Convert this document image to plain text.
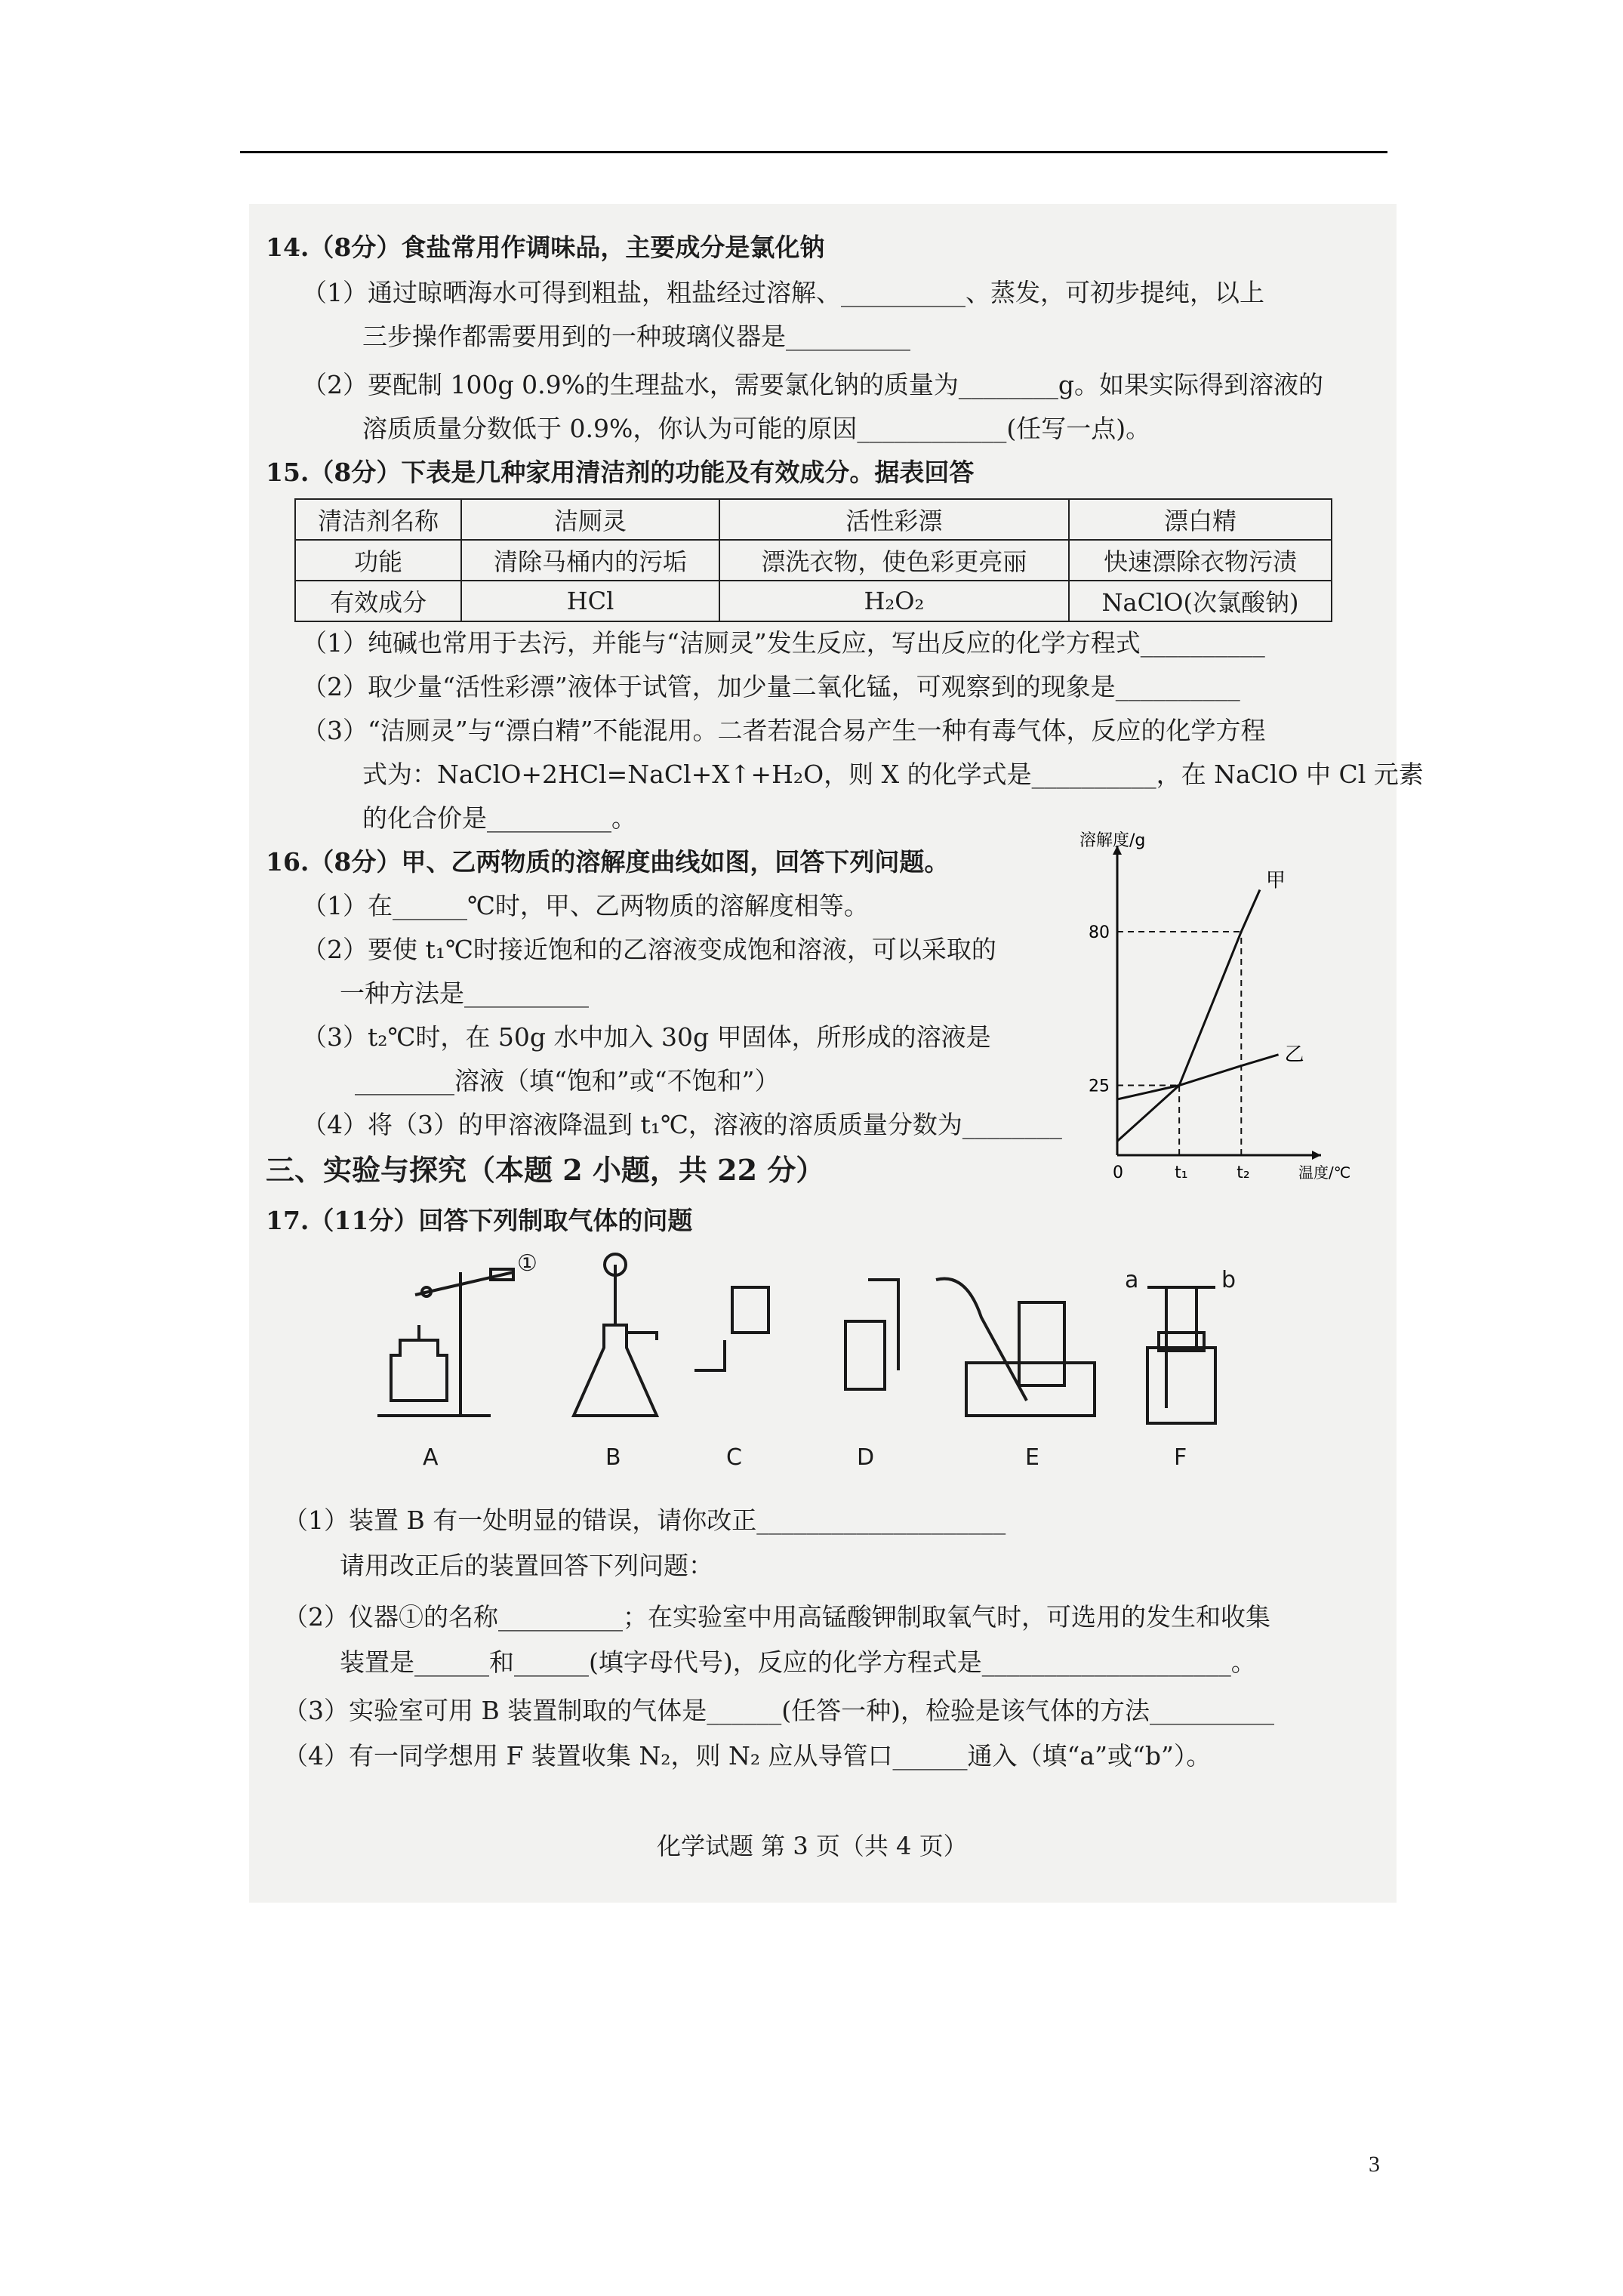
14.（8分）食盐常用作调味品，主要成分是氯化钠
（1）通过晾晒海水可得到粗盐，粗盐经过溶解、__________、蒸发，可初步提纯，以上
三步操作都需要用到的一种玻璃仪器是__________
（2）要配制 100g 0.9%的生理盐水，需要氯化钠的质量为________g。如果实际得到溶液的
溶质质量分数低于 0.9%，你认为可能的原因____________(任写一点)。
15.（8分）下表是几种家用清洁剂的功能及有效成分。据表回答
清洁剂名称	洁厕灵	活性彩漂	漂白精
功能	清除马桶内的污垢	漂洗衣物，使色彩更亮丽	快速漂除衣物污渍
有效成分	HCl	H₂O₂	NaClO(次氯酸钠)
（1）纯碱也常用于去污，并能与“洁厕灵”发生反应，写出反应的化学方程式__________
（2）取少量“活性彩漂”液体于试管，加少量二氧化锰，可观察到的现象是__________
（3）“洁厕灵”与“漂白精”不能混用。二者若混合易产生一种有毒气体，反应的化学方程
式为：NaClO+2HCl=NaCl+X↑+H₂O，则 X 的化学式是__________，在 NaClO 中 Cl 元素
的化合价是__________。
16.（8分）甲、乙两物质的溶解度曲线如图，回答下列问题。
（1）在______℃时，甲、乙两物质的溶解度相等。
（2）要使 t₁℃时接近饱和的乙溶液变成饱和溶液，可以采取的
一种方法是__________
（3）t₂℃时，在 50g 水中加入 30g 甲固体，所形成的溶液是
________溶液（填“饱和”或“不饱和”）
（4）将（3）的甲溶液降温到 t₁℃，溶液的溶质质量分数为________
溶解度/g
温度/℃
0	t₁	t₂
25
80
甲
乙
三、实验与探究（本题 2 小题，共 22 分）
17.（11分）回答下列制取气体的问题
A	B	C	D	E	F
①
a	b
（1）装置 B 有一处明显的错误，请你改正____________________
请用改正后的装置回答下列问题：
（2）仪器①的名称__________；在实验室中用高锰酸钾制取氧气时，可选用的发生和收集
装置是______和______(填字母代号)，反应的化学方程式是____________________。
（3）实验室可用 B 装置制取的气体是______(任答一种)，检验是该气体的方法__________
（4）有一同学想用 F 装置收集 N₂，则 N₂ 应从导管口______通入（填“a”或“b”）。
化学试题 第 3 页（共 4 页）
3
